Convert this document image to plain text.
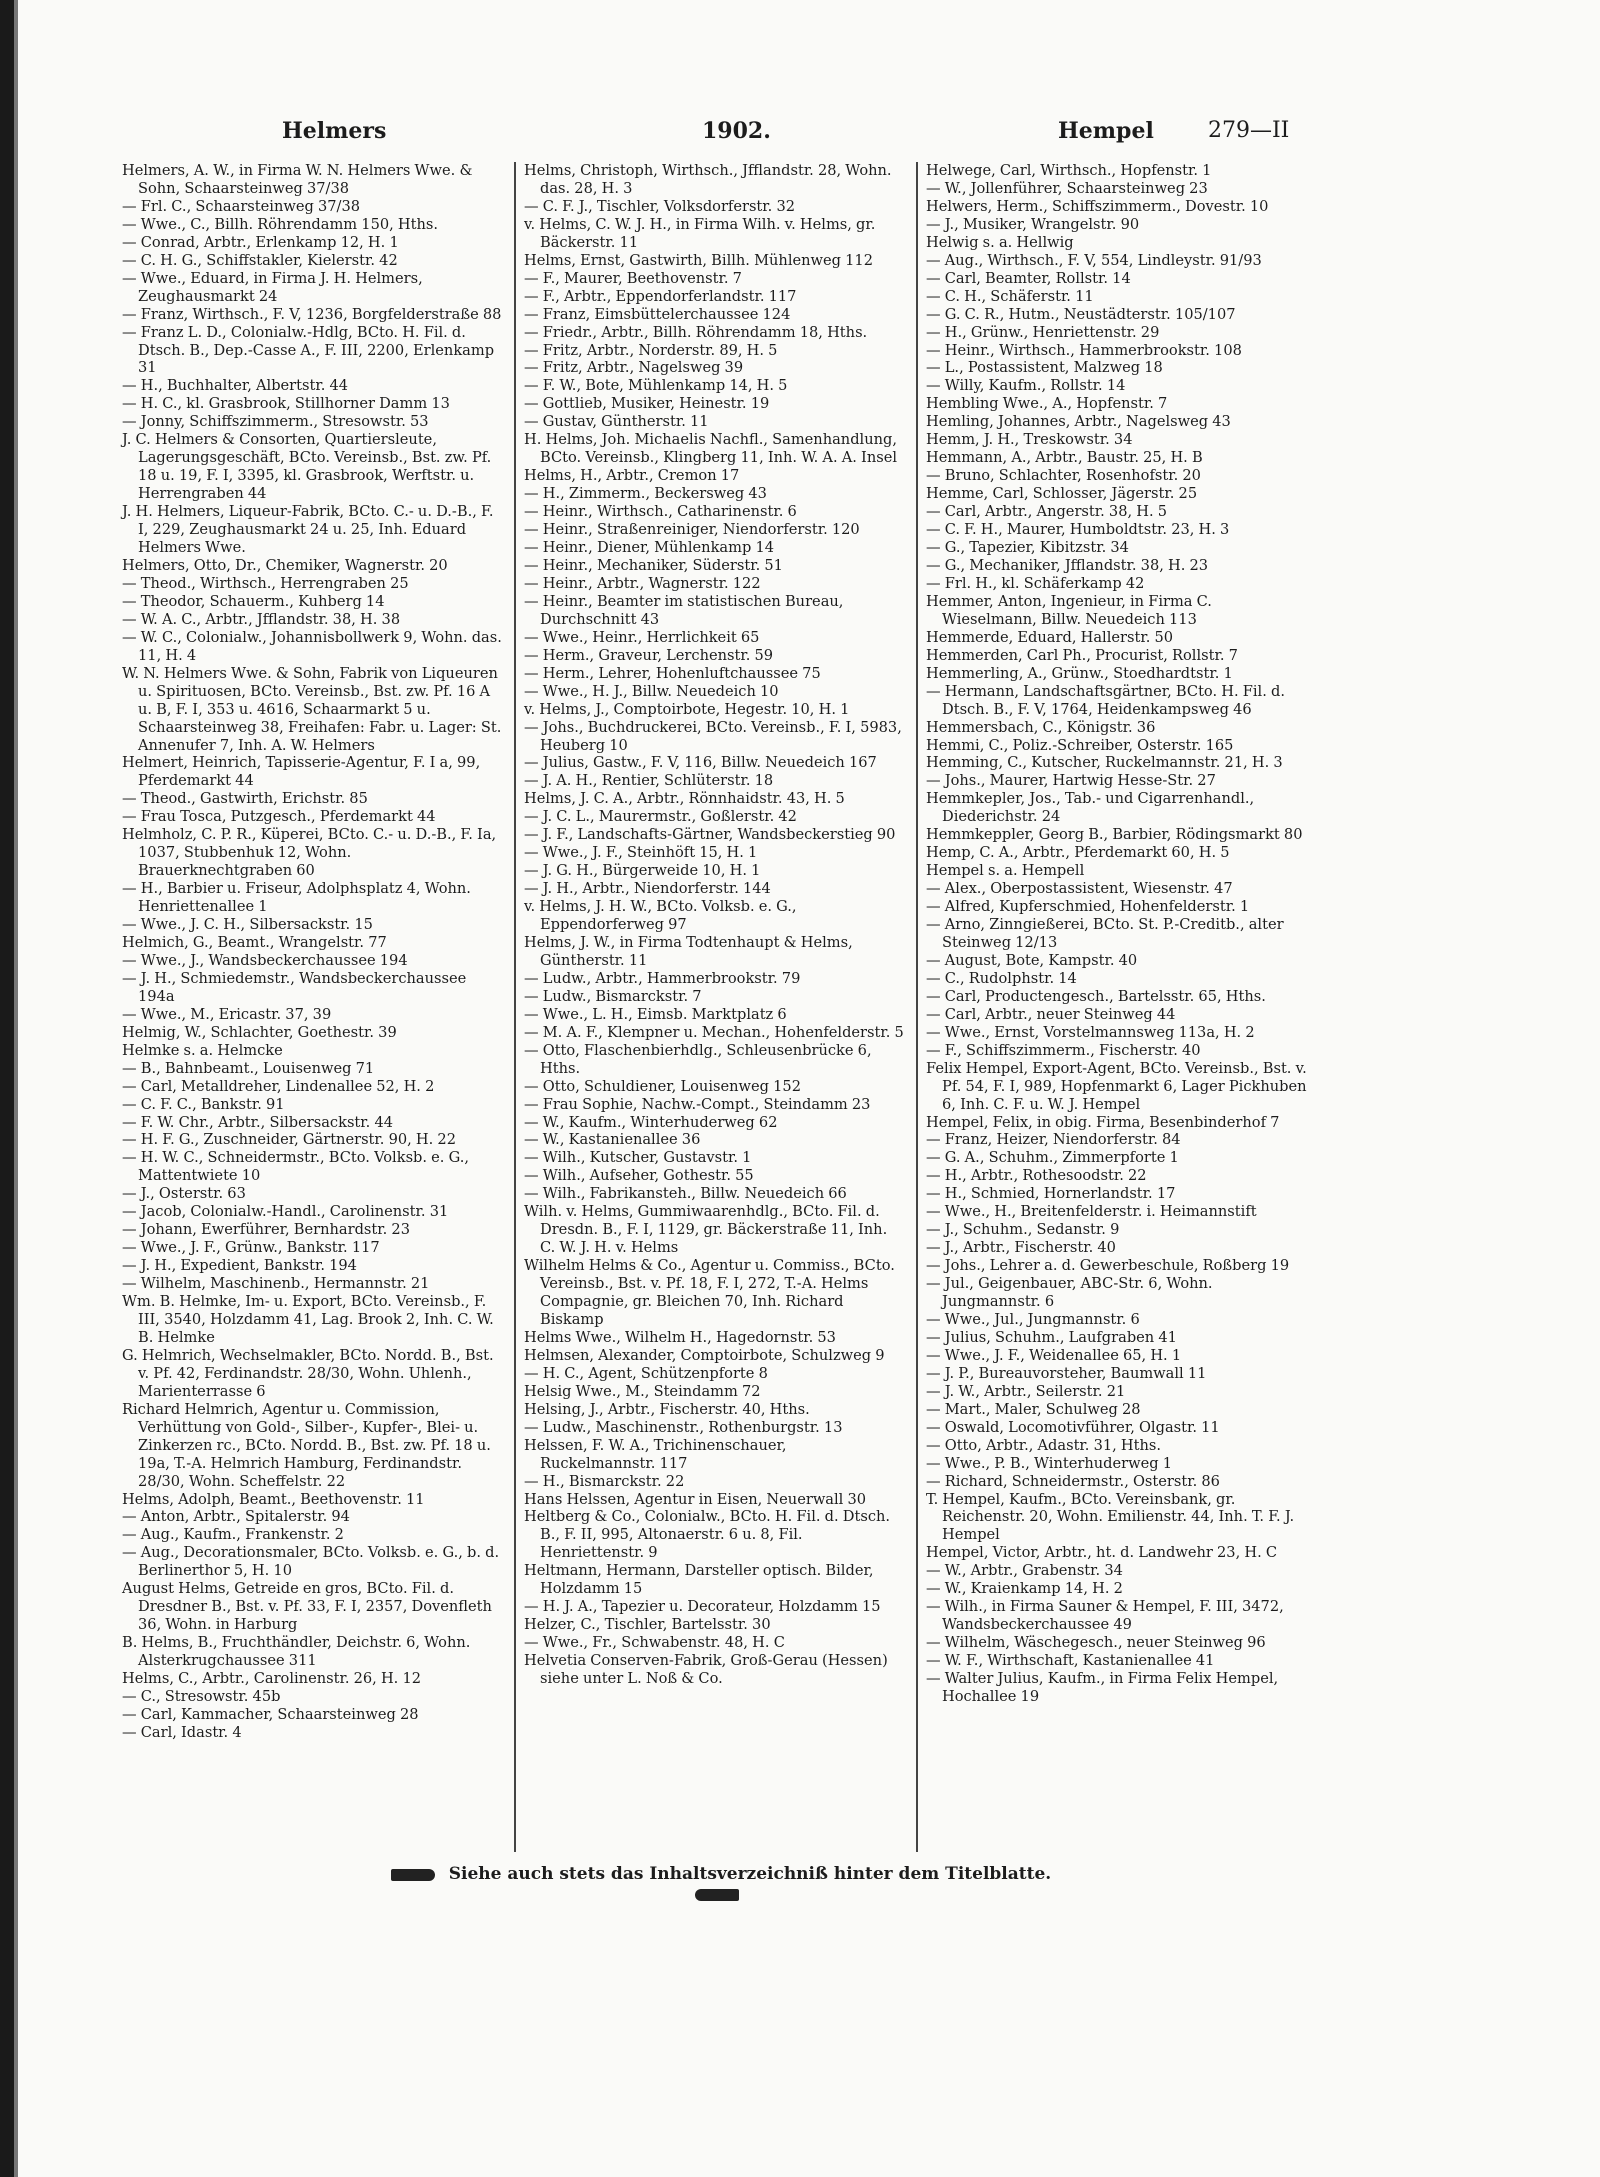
Helmers	1902.	Hempel 279—II
Helmers, A. W., in Firma W. N. Helmers Wwe. & Sohn, Schaarsteinweg 37/38
— Frl. C., Schaarsteinweg 37/38
— Wwe., C., Billh. Röhrendamm 150, Hths.
— Conrad, Arbtr., Erlenkamp 12, H. 1
— C. H. G., Schiffstakler, Kielerstr. 42
— Wwe., Eduard, in Firma J. H. Helmers, Zeughausmarkt 24
— Franz, Wirthsch., F. V, 1236, Borgfelderstraße 88
— Franz L. D., Colonialw.-Hdlg, BCto. H. Fil. d. Dtsch. B., Dep.-Casse A., F. III, 2200, Erlenkamp 31
— H., Buchhalter, Albertstr. 44
— H. C., kl. Grasbrook, Stillhorner Damm 13
— Jonny, Schiffszimmerm., Stresowstr. 53
J. C. Helmers & Consorten, Quartiersleute, Lagerungsgeschäft, BCto. Vereinsb., Bst. zw. Pf. 18 u. 19, F. I, 3395, kl. Grasbrook, Werftstr. u. Herrengraben 44
J. H. Helmers, Liqueur-Fabrik, BCto. C.- u. D.-B., F. I, 229, Zeughausmarkt 24 u. 25, Inh. Eduard Helmers Wwe.
Helmers, Otto, Dr., Chemiker, Wagnerstr. 20
— Theod., Wirthsch., Herrengraben 25
— Theodor, Schauerm., Kuhberg 14
— W. A. C., Arbtr., Jfflandstr. 38, H. 38
— W. C., Colonialw., Johannisbollwerk 9, Wohn. das. 11, H. 4
W. N. Helmers Wwe. & Sohn, Fabrik von Liqueuren u. Spirituosen, BCto. Vereinsb., Bst. zw. Pf. 16 A u. B, F. I, 353 u. 4616, Schaarmarkt 5 u. Schaarsteinweg 38, Freihafen: Fabr. u. Lager: St. Annenufer 7, Inh. A. W. Helmers
Helmert, Heinrich, Tapisserie-Agentur, F. I a, 99, Pferdemarkt 44
— Theod., Gastwirth, Erichstr. 85
— Frau Tosca, Putzgesch., Pferdemarkt 44
Helmholz, C. P. R., Küperei, BCto. C.- u. D.-B., F. Ia, 1037, Stubbenhuk 12, Wohn. Brauerknechtgraben 60
— H., Barbier u. Friseur, Adolphsplatz 4, Wohn. Henriettenallee 1
— Wwe., J. C. H., Silbersackstr. 15
Helmich, G., Beamt., Wrangelstr. 77
— Wwe., J., Wandsbeckerchaussee 194
— J. H., Schmiedemstr., Wandsbeckerchaussee 194a
— Wwe., M., Ericastr. 37, 39
Helmig, W., Schlachter, Goethestr. 39
Helmke s. a. Helmcke
— B., Bahnbeamt., Louisenweg 71
— Carl, Metalldreher, Lindenallee 52, H. 2
— C. F. C., Bankstr. 91
— F. W. Chr., Arbtr., Silbersackstr. 44
— H. F. G., Zuschneider, Gärtnerstr. 90, H. 22
— H. W. C., Schneidermstr., BCto. Volksb. e. G., Mattentwiete 10
— J., Osterstr. 63
— Jacob, Colonialw.-Handl., Carolinenstr. 31
— Johann, Ewerführer, Bernhardstr. 23
— Wwe., J. F., Grünw., Bankstr. 117
— J. H., Expedient, Bankstr. 194
— Wilhelm, Maschinenb., Hermannstr. 21
Wm. B. Helmke, Im- u. Export, BCto. Vereinsb., F. III, 3540, Holzdamm 41, Lag. Brook 2, Inh. C. W. B. Helmke
G. Helmrich, Wechselmakler, BCto. Nordd. B., Bst. v. Pf. 42, Ferdinandstr. 28/30, Wohn. Uhlenh., Marienterrasse 6
Richard Helmrich, Agentur u. Commission, Verhüttung von Gold-, Silber-, Kupfer-, Blei- u. Zinkerzen rc., BCto. Nordd. B., Bst. zw. Pf. 18 u. 19a, T.-A. Helmrich Hamburg, Ferdinandstr. 28/30, Wohn. Scheffelstr. 22
Helms, Adolph, Beamt., Beethovenstr. 11
— Anton, Arbtr., Spitalerstr. 94
— Aug., Kaufm., Frankenstr. 2
— Aug., Decorationsmaler, BCto. Volksb. e. G., b. d. Berlinerthor 5, H. 10
August Helms, Getreide en gros, BCto. Fil. d. Dresdner B., Bst. v. Pf. 33, F. I, 2357, Dovenfleth 36, Wohn. in Harburg
B. Helms, B., Fruchthändler, Deichstr. 6, Wohn. Alsterkrugchaussee 311
Helms, C., Arbtr., Carolinenstr. 26, H. 12
— C., Stresowstr. 45b
— Carl, Kammacher, Schaarsteinweg 28
— Carl, Idastr. 4
Helms, Christoph, Wirthsch., Jfflandstr. 28, Wohn. das. 28, H. 3
— C. F. J., Tischler, Volksdorferstr. 32
v. Helms, C. W. J. H., in Firma Wilh. v. Helms, gr. Bäckerstr. 11
Helms, Ernst, Gastwirth, Billh. Mühlenweg 112
— F., Maurer, Beethovenstr. 7
— F., Arbtr., Eppendorferlandstr. 117
— Franz, Eimsbüttelerchaussee 124
— Friedr., Arbtr., Billh. Röhrendamm 18, Hths.
— Fritz, Arbtr., Norderstr. 89, H. 5
— Fritz, Arbtr., Nagelsweg 39
— F. W., Bote, Mühlenkamp 14, H. 5
— Gottlieb, Musiker, Heinestr. 19
— Gustav, Güntherstr. 11
H. Helms, Joh. Michaelis Nachfl., Samenhandlung, BCto. Vereinsb., Klingberg 11, Inh. W. A. A. Insel
Helms, H., Arbtr., Cremon 17
— H., Zimmerm., Beckersweg 43
— Heinr., Wirthsch., Catharinenstr. 6
— Heinr., Straßenreiniger, Niendorferstr. 120
— Heinr., Diener, Mühlenkamp 14
— Heinr., Mechaniker, Süderstr. 51
— Heinr., Arbtr., Wagnerstr. 122
— Heinr., Beamter im statistischen Bureau, Durchschnitt 43
— Wwe., Heinr., Herrlichkeit 65
— Herm., Graveur, Lerchenstr. 59
— Herm., Lehrer, Hohenluftchaussee 75
— Wwe., H. J., Billw. Neuedeich 10
v. Helms, J., Comptoirbote, Hegestr. 10, H. 1
— Johs., Buchdruckerei, BCto. Vereinsb., F. I, 5983, Heuberg 10
— Julius, Gastw., F. V, 116, Billw. Neuedeich 167
— J. A. H., Rentier, Schlüterstr. 18
Helms, J. C. A., Arbtr., Rönnhaidstr. 43, H. 5
— J. C. L., Maurermstr., Goßlerstr. 42
— J. F., Landschafts-Gärtner, Wandsbeckerstieg 90
— Wwe., J. F., Steinhöft 15, H. 1
— J. G. H., Bürgerweide 10, H. 1
— J. H., Arbtr., Niendorferstr. 144
v. Helms, J. H. W., BCto. Volksb. e. G., Eppendorferweg 97
Helms, J. W., in Firma Todtenhaupt & Helms, Güntherstr. 11
— Ludw., Arbtr., Hammerbrookstr. 79
— Ludw., Bismarckstr. 7
— Wwe., L. H., Eimsb. Marktplatz 6
— M. A. F., Klempner u. Mechan., Hohenfelderstr. 5
— Otto, Flaschenbierhdlg., Schleusenbrücke 6, Hths.
— Otto, Schuldiener, Louisenweg 152
— Frau Sophie, Nachw.-Compt., Steindamm 23
— W., Kaufm., Winterhuderweg 62
— W., Kastanienallee 36
— Wilh., Kutscher, Gustavstr. 1
— Wilh., Aufseher, Gothestr. 55
— Wilh., Fabrikansteh., Billw. Neuedeich 66
Wilh. v. Helms, Gummiwaarenhdlg., BCto. Fil. d. Dresdn. B., F. I, 1129, gr. Bäckerstraße 11, Inh. C. W. J. H. v. Helms
Wilhelm Helms & Co., Agentur u. Commiss., BCto. Vereinsb., Bst. v. Pf. 18, F. I, 272, T.-A. Helms Compagnie, gr. Bleichen 70, Inh. Richard Biskamp
Helms Wwe., Wilhelm H., Hagedornstr. 53
Helmsen, Alexander, Comptoirbote, Schulzweg 9
— H. C., Agent, Schützenpforte 8
Helsig Wwe., M., Steindamm 72
Helsing, J., Arbtr., Fischerstr. 40, Hths.
— Ludw., Maschinenstr., Rothenburgstr. 13
Helssen, F. W. A., Trichinenschauer, Ruckelmannstr. 117
— H., Bismarckstr. 22
Hans Helssen, Agentur in Eisen, Neuerwall 30
Heltberg & Co., Colonialw., BCto. H. Fil. d. Dtsch. B., F. II, 995, Altonaerstr. 6 u. 8, Fil. Henriettenstr. 9
Heltmann, Hermann, Darsteller optisch. Bilder, Holzdamm 15
— H. J. A., Tapezier u. Decorateur, Holzdamm 15
Helzer, C., Tischler, Bartelsstr. 30
— Wwe., Fr., Schwabenstr. 48, H. C
Helvetia Conserven-Fabrik, Groß-Gerau (Hessen) siehe unter L. Noß & Co.
Helwege, Carl, Wirthsch., Hopfenstr. 1
— W., Jollenführer, Schaarsteinweg 23
Helwers, Herm., Schiffszimmerm., Dovestr. 10
— J., Musiker, Wrangelstr. 90
Helwig s. a. Hellwig
— Aug., Wirthsch., F. V, 554, Lindleystr. 91/93
— Carl, Beamter, Rollstr. 14
— C. H., Schäferstr. 11
— G. C. R., Hutm., Neustädterstr. 105/107
— H., Grünw., Henriettenstr. 29
— Heinr., Wirthsch., Hammerbrookstr. 108
— L., Postassistent, Malzweg 18
— Willy, Kaufm., Rollstr. 14
Hembling Wwe., A., Hopfenstr. 7
Hemling, Johannes, Arbtr., Nagelsweg 43
Hemm, J. H., Treskowstr. 34
Hemmann, A., Arbtr., Baustr. 25, H. B
— Bruno, Schlachter, Rosenhofstr. 20
Hemme, Carl, Schlosser, Jägerstr. 25
— Carl, Arbtr., Angerstr. 38, H. 5
— C. F. H., Maurer, Humboldtstr. 23, H. 3
— G., Tapezier, Kibitzstr. 34
— G., Mechaniker, Jfflandstr. 38, H. 23
— Frl. H., kl. Schäferkamp 42
Hemmer, Anton, Ingenieur, in Firma C. Wieselmann, Billw. Neuedeich 113
Hemmerde, Eduard, Hallerstr. 50
Hemmerden, Carl Ph., Procurist, Rollstr. 7
Hemmerling, A., Grünw., Stoedhardtstr. 1
— Hermann, Landschaftsgärtner, BCto. H. Fil. d. Dtsch. B., F. V, 1764, Heidenkampsweg 46
Hemmersbach, C., Königstr. 36
Hemmi, C., Poliz.-Schreiber, Osterstr. 165
Hemming, C., Kutscher, Ruckelmannstr. 21, H. 3
— Johs., Maurer, Hartwig Hesse-Str. 27
Hemmkepler, Jos., Tab.- und Cigarrenhandl., Diederichstr. 24
Hemmkeppler, Georg B., Barbier, Rödingsmarkt 80
Hemp, C. A., Arbtr., Pferdemarkt 60, H. 5
Hempel s. a. Hempell
— Alex., Oberpostassistent, Wiesenstr. 47
— Alfred, Kupferschmied, Hohenfelderstr. 1
— Arno, Zinngießerei, BCto. St. P.-Creditb., alter Steinweg 12/13
— August, Bote, Kampstr. 40
— C., Rudolphstr. 14
— Carl, Productengesch., Bartelsstr. 65, Hths.
— Carl, Arbtr., neuer Steinweg 44
— Wwe., Ernst, Vorstelmannsweg 113a, H. 2
— F., Schiffszimmerm., Fischerstr. 40
Felix Hempel, Export-Agent, BCto. Vereinsb., Bst. v. Pf. 54, F. I, 989, Hopfenmarkt 6, Lager Pickhuben 6, Inh. C. F. u. W. J. Hempel
Hempel, Felix, in obig. Firma, Besenbinderhof 7
— Franz, Heizer, Niendorferstr. 84
— G. A., Schuhm., Zimmerpforte 1
— H., Arbtr., Rothesoodstr. 22
— H., Schmied, Hornerlandstr. 17
— Wwe., H., Breitenfelderstr. i. Heimannstift
— J., Schuhm., Sedanstr. 9
— J., Arbtr., Fischerstr. 40
— Johs., Lehrer a. d. Gewerbeschule, Roßberg 19
— Jul., Geigenbauer, ABC-Str. 6, Wohn. Jungmannstr. 6
— Wwe., Jul., Jungmannstr. 6
— Julius, Schuhm., Laufgraben 41
— Wwe., J. F., Weidenallee 65, H. 1
— J. P., Bureauvorsteher, Baumwall 11
— J. W., Arbtr., Seilerstr. 21
— Mart., Maler, Schulweg 28
— Oswald, Locomotivführer, Olgastr. 11
— Otto, Arbtr., Adastr. 31, Hths.
— Wwe., P. B., Winterhuderweg 1
— Richard, Schneidermstr., Osterstr. 86
T. Hempel, Kaufm., BCto. Vereinsbank, gr. Reichenstr. 20, Wohn. Emilienstr. 44, Inh. T. F. J. Hempel
Hempel, Victor, Arbtr., ht. d. Landwehr 23, H. C
— W., Arbtr., Grabenstr. 34
— W., Kraienkamp 14, H. 2
— Wilh., in Firma Sauner & Hempel, F. III, 3472, Wandsbeckerchaussee 49
— Wilhelm, Wäschegesch., neuer Steinweg 96
— W. F., Wirthschaft, Kastanienallee 41
— Walter Julius, Kaufm., in Firma Felix Hempel, Hochallee 19
Siehe auch stets das Inhaltsverzeichniß hinter dem Titelblatte.
